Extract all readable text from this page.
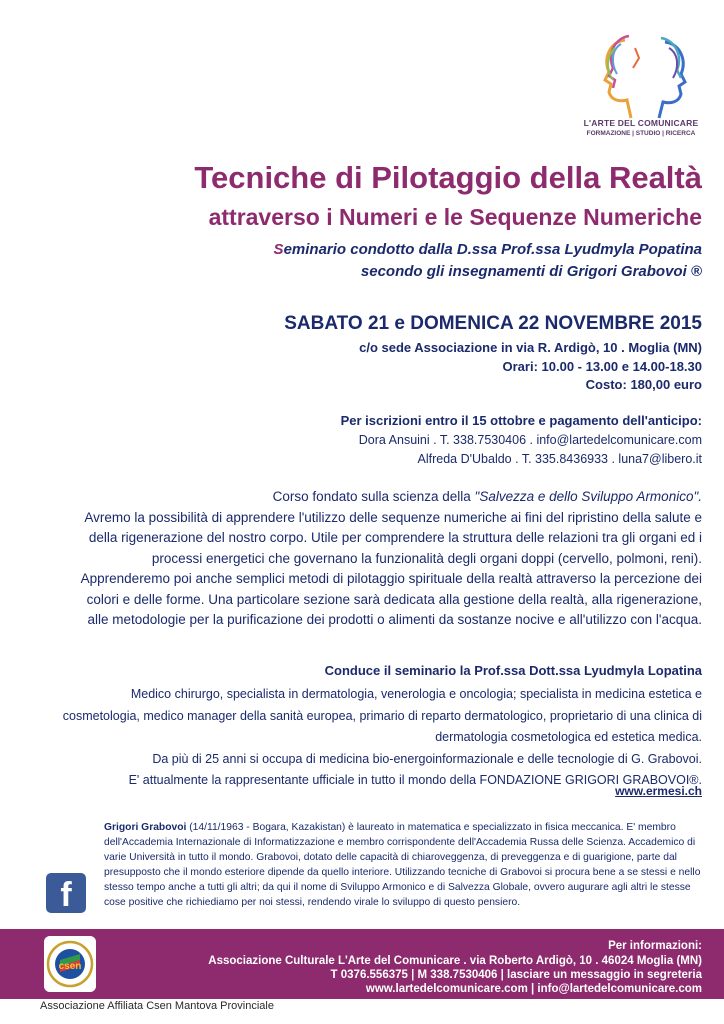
L'ARTE DEL COMUNICARE
FORMAZIONE | STUDIO | RICERCA
Tecniche di Pilotaggio della Realtà
attraverso i Numeri e le Sequenze Numeriche
Seminario condotto dalla D.ssa Prof.ssa Lyudmyla Popatina
secondo gli insegnamenti di Grigori Grabovoi ®
SABATO 21 e DOMENICA 22 NOVEMBRE 2015
c/o sede Associazione in via R. Ardigò, 10 . Moglia (MN)
Orari: 10.00 - 13.00 e 14.00-18.30
Costo: 180,00 euro
Per iscrizioni entro il 15 ottobre e pagamento dell'anticipo:
Dora Ansuini . T. 338.7530406 . info@lartedelcomunicare.com
Alfreda D'Ubaldo . T. 335.8436933 . luna7@libero.it

Corso fondato sulla scienza della "Salvezza e dello Sviluppo Armonico".

Avremo la possibilità di apprendere l'utilizzo delle sequenze numeriche ai fini del ripristino della salute e della rigenerazione del nostro corpo. Utile per comprendere la struttura delle relazioni tra gli organi ed i processi energetici che governano la funzionalità degli organi doppi (cervello, polmoni, reni). Apprenderemo poi anche semplici metodi di pilotaggio spirituale della realtà attraverso la percezione dei colori e delle forme. Una particolare sezione sarà dedicata alla gestione della realtà, alla rigenerazione, alle metodologie per la purificazione dei prodotti o alimenti da sostanze nocive e all'utilizzo con l'acqua.

Conduce il seminario la Prof.ssa Dott.ssa Lyudmyla Lopatina

Medico chirurgo, specialista in dermatologia, venerologia e oncologia; specialista in medicina estetica e cosmetologia, medico manager della sanità europea, primario di reparto dermatologico, proprietario di una clinica di dermatologia cosmetologica ed estetica medica.

Da più di 25 anni si occupa di medicina bio-energoinformazionale e delle tecnologie di G. Grabovoi.

E' attualmente la rappresentante ufficiale in tutto il mondo della FONDAZIONE GRIGORI GRABOVOI®.

www.ermesi.ch
Grigori Grabovoi (14/11/1963 - Bogara, Kazakistan) è laureato in matematica e specializzato in fisica meccanica. E' membro dell'Accademia Internazionale di Informatizzazione e membro corrispondente dell'Accademia Russa delle Scienza. Accademico di varie Università in tutto il mondo. Grabovoi, dotato delle capacità di chiaroveggenza, di preveggenza e di guarigione, parte dal presupposto che il mondo esteriore dipende da quello interiore. Utilizzando tecniche di Grabovoi si procura bene a se stessi e nello stesso tempo anche a tutti gli altri; da qui il nome di Sviluppo Armonico e di Salvezza Globale, ovvero augurare agli altri le stesse cose positive che richiediamo per noi stessi, rendendo virale lo sviluppo di questo pensiero.
f
csen
Per informazioni:
Associazione Culturale L'Arte del Comunicare . via Roberto Ardigò, 10 . 46024 Moglia (MN)
T 0376.556375 | M 338.7530406 | lasciare un messaggio in segreteria
www.lartedelcomunicare.com | info@lartedelcomunicare.com
Associazione Affiliata Csen Mantova Provinciale
